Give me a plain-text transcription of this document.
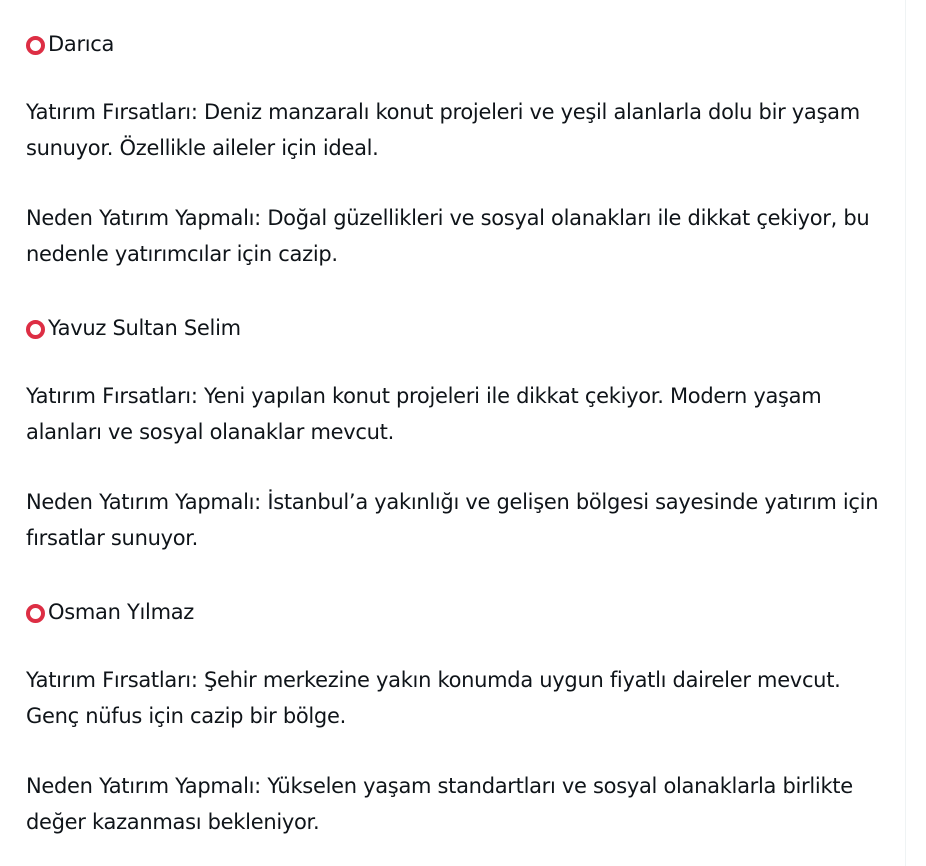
Darıca

Yatırım Fırsatları: Deniz manzaralı konut projeleri ve yeşil alanlarla dolu bir yaşam sunuyor. Özellikle aileler için ideal.

Neden Yatırım Yapmalı: Doğal güzellikleri ve sosyal olanakları ile dikkat çekiyor, bu nedenle yatırımcılar için cazip.

Yavuz Sultan Selim

Yatırım Fırsatları: Yeni yapılan konut projeleri ile dikkat çekiyor. Modern yaşam alanları ve sosyal olanaklar mevcut.

Neden Yatırım Yapmalı: İstanbul’a yakınlığı ve gelişen bölgesi sayesinde yatırım için fırsatlar sunuyor.

Osman Yılmaz

Yatırım Fırsatları: Şehir merkezine yakın konumda uygun fiyatlı daireler mevcut. Genç nüfus için cazip bir bölge.

Neden Yatırım Yapmalı: Yükselen yaşam standartları ve sosyal olanaklarla birlikte değer kazanması bekleniyor.
